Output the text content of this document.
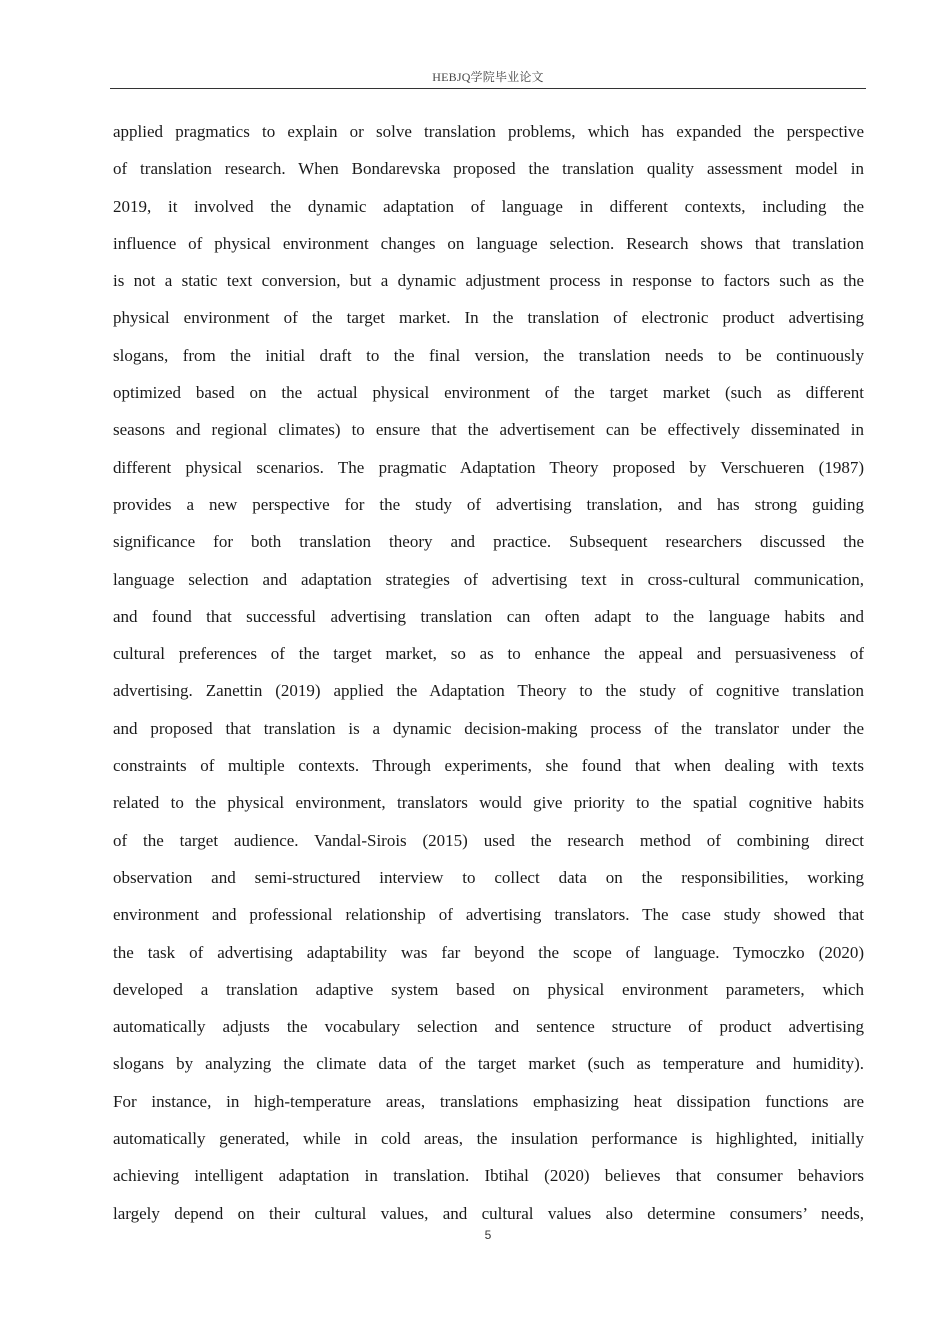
HEBJQ学院毕业论文
applied pragmatics to explain or solve translation problems, which has expanded the perspective
of translation research. When Bondarevska proposed the translation quality assessment model in
2019, it involved the dynamic adaptation of language in different contexts, including the
influence of physical environment changes on language selection. Research shows that translation
is not a static text conversion, but a dynamic adjustment process in response to factors such as the
physical environment of the target market. In the translation of electronic product advertising
slogans, from the initial draft to the final version, the translation needs to be continuously
optimized based on the actual physical environment of the target market (such as different
seasons and regional climates) to ensure that the advertisement can be effectively disseminated in
different physical scenarios. The pragmatic Adaptation Theory proposed by Verschueren (1987)
provides a new perspective for the study of advertising translation, and has strong guiding
significance for both translation theory and practice. Subsequent researchers discussed the
language selection and adaptation strategies of advertising text in cross-cultural communication,
and found that successful advertising translation can often adapt to the language habits and
cultural preferences of the target market, so as to enhance the appeal and persuasiveness of
advertising. Zanettin (2019) applied the Adaptation Theory to the study of cognitive translation
and proposed that translation is a dynamic decision-making process of the translator under the
constraints of multiple contexts. Through experiments, she found that when dealing with texts
related to the physical environment, translators would give priority to the spatial cognitive habits
of the target audience. Vandal-Sirois (2015) used the research method of combining direct
observation and semi-structured interview to collect data on the responsibilities, working
environment and professional relationship of advertising translators. The case study showed that
the task of advertising adaptability was far beyond the scope of language. Tymoczko (2020)
developed a translation adaptive system based on physical environment parameters, which
automatically adjusts the vocabulary selection and sentence structure of product advertising
slogans by analyzing the climate data of the target market (such as temperature and humidity).
For instance, in high-temperature areas, translations emphasizing heat dissipation functions are
automatically generated, while in cold areas, the insulation performance is highlighted, initially
achieving intelligent adaptation in translation. Ibtihal (2020) believes that consumer behaviors
largely depend on their cultural values, and cultural values also determine consumers’ needs,
5
